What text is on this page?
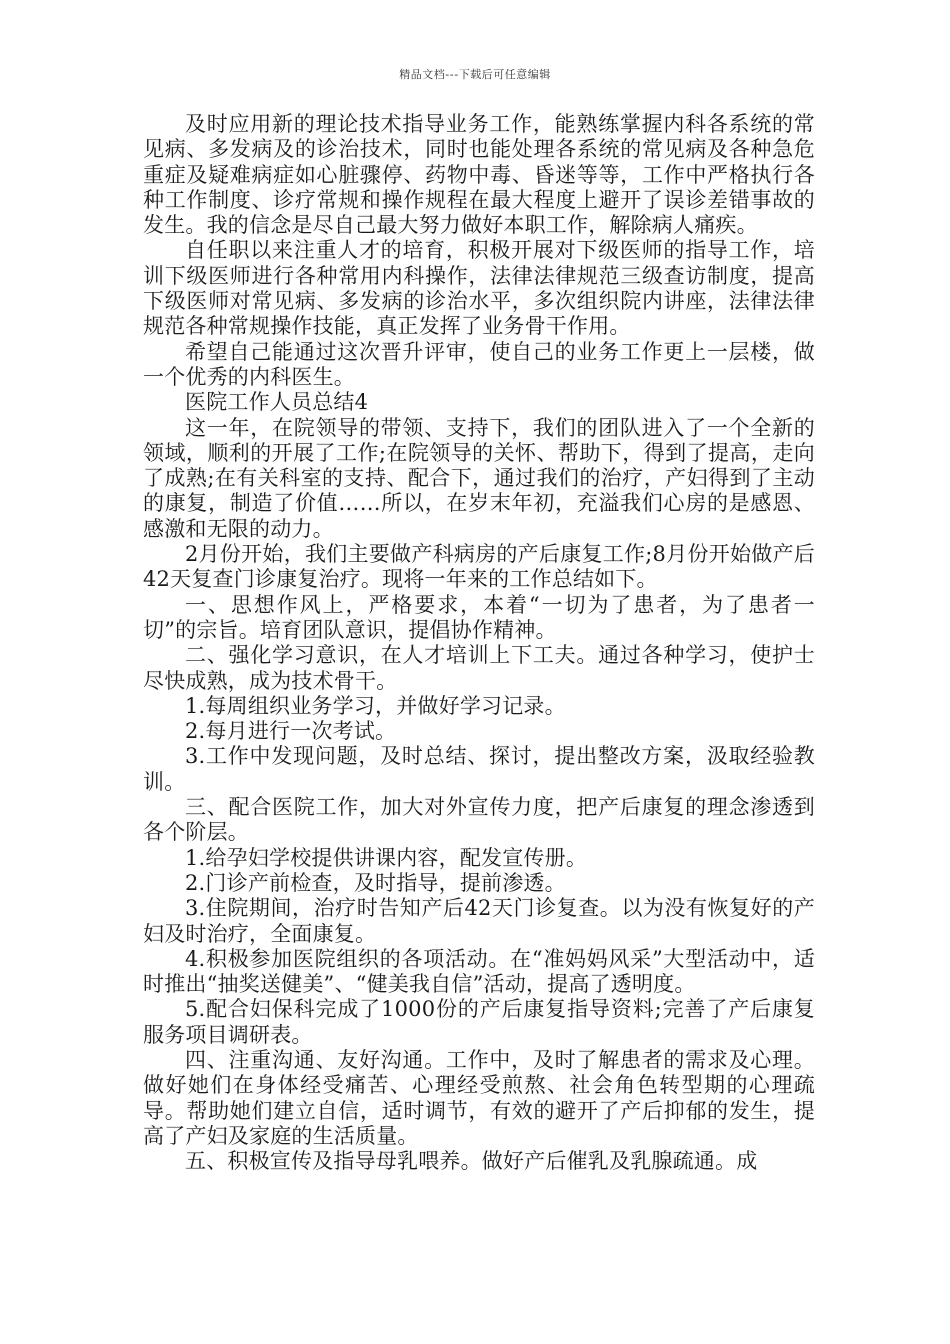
精品文档---下载后可任意编辑

及时应用新的理论技术指导业务工作，能熟练掌握内科各系统的常见病、多发病及的诊治技术，同时也能处理各系统的常见病及各种急危重症及疑难病症如心脏骤停、药物中毒、昏迷等等，工作中严格执行各种工作制度、诊疗常规和操作规程在最大程度上避开了误诊差错事故的发生。我的信念是尽自己最大努力做好本职工作，解除病人痛疾。

自任职以来注重人才的培育，积极开展对下级医师的指导工作，培训下级医师进行各种常用内科操作，法律法律规范三级查访制度，提高下级医师对常见病、多发病的诊治水平，多次组织院内讲座，法律法律规范各种常规操作技能，真正发挥了业务骨干作用。

希望自己能通过这次晋升评审，使自己的业务工作更上一层楼，做一个优秀的内科医生。

医院工作人员总结4

这一年，在院领导的带领、支持下，我们的团队进入了一个全新的领域，顺利的开展了工作;在院领导的关怀、帮助下，得到了提高，走向了成熟;在有关科室的支持、配合下，通过我们的治疗，产妇得到了主动的康复，制造了价值……所以，在岁末年初，充溢我们心房的是感恩、感激和无限的动力。

2月份开始，我们主要做产科病房的产后康复工作;8月份开始做产后42天复查门诊康复治疗。现将一年来的工作总结如下。

一、思想作风上，严格要求，本着“一切为了患者，为了患者一切”的宗旨。培育团队意识，提倡协作精神。

二、强化学习意识，在人才培训上下工夫。通过各种学习，使护士尽快成熟，成为技术骨干。

1.每周组织业务学习，并做好学习记录。

2.每月进行一次考试。

3.工作中发现问题，及时总结、探讨，提出整改方案，汲取经验教训。

三、配合医院工作，加大对外宣传力度，把产后康复的理念渗透到各个阶层。

1.给孕妇学校提供讲课内容，配发宣传册。

2.门诊产前检查，及时指导，提前渗透。

3.住院期间，治疗时告知产后42天门诊复查。以为没有恢复好的产妇及时治疗，全面康复。

4.积极参加医院组织的各项活动。在“准妈妈风采”大型活动中，适时推出“抽奖送健美”、“健美我自信”活动，提高了透明度。

5.配合妇保科完成了1000份的产后康复指导资料;完善了产后康复服务项目调研表。

四、注重沟通、友好沟通。工作中，及时了解患者的需求及心理。做好她们在身体经受痛苦、心理经受煎熬、社会角色转型期的心理疏导。帮助她们建立自信，适时调节，有效的避开了产后抑郁的发生，提高了产妇及家庭的生活质量。

五、积极宣传及指导母乳喂养。做好产后催乳及乳腺疏通。成
